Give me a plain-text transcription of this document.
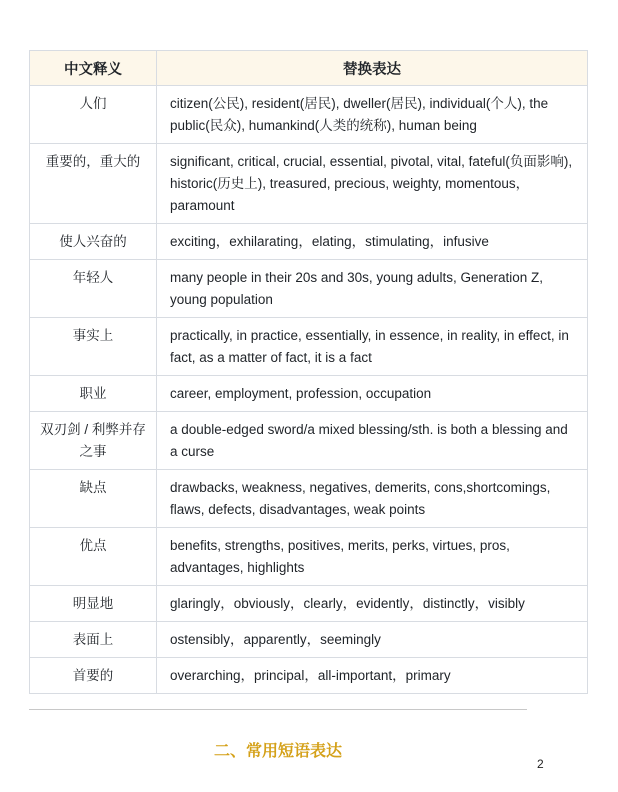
中文释义	替换表达
人们	citizen(公民), resident(居民), dweller(居民), individual(个人), the public(民众), humankind(人类的统称), human being
重要的，重大的	significant, critical, crucial, essential, pivotal, vital, fateful(负面影响), historic(历史上), treasured, precious, weighty, momentous，paramount
使人兴奋的	exciting，exhilarating，elating，stimulating，infusive
年轻人	many people in their 20s and 30s, young adults, Generation Z, young population
事实上	practically, in practice, essentially, in essence, in reality, in effect, in fact, as a matter of fact, it is a fact
职业	career, employment, profession, occupation
双刃剑 / 利弊并存之事	a double-edged sword/a mixed blessing/sth. is both a blessing and a curse
缺点	drawbacks, weakness, negatives, demerits, cons,shortcomings, flaws, defects, disadvantages, weak points
优点	benefits, strengths, positives, merits, perks, virtues, pros, advantages, highlights
明显地	glaringly，obviously，clearly，evidently，distinctly，visibly
表面上	ostensibly，apparently，seemingly
首要的	overarching，principal，all-important，primary
二、常用短语表达
2
